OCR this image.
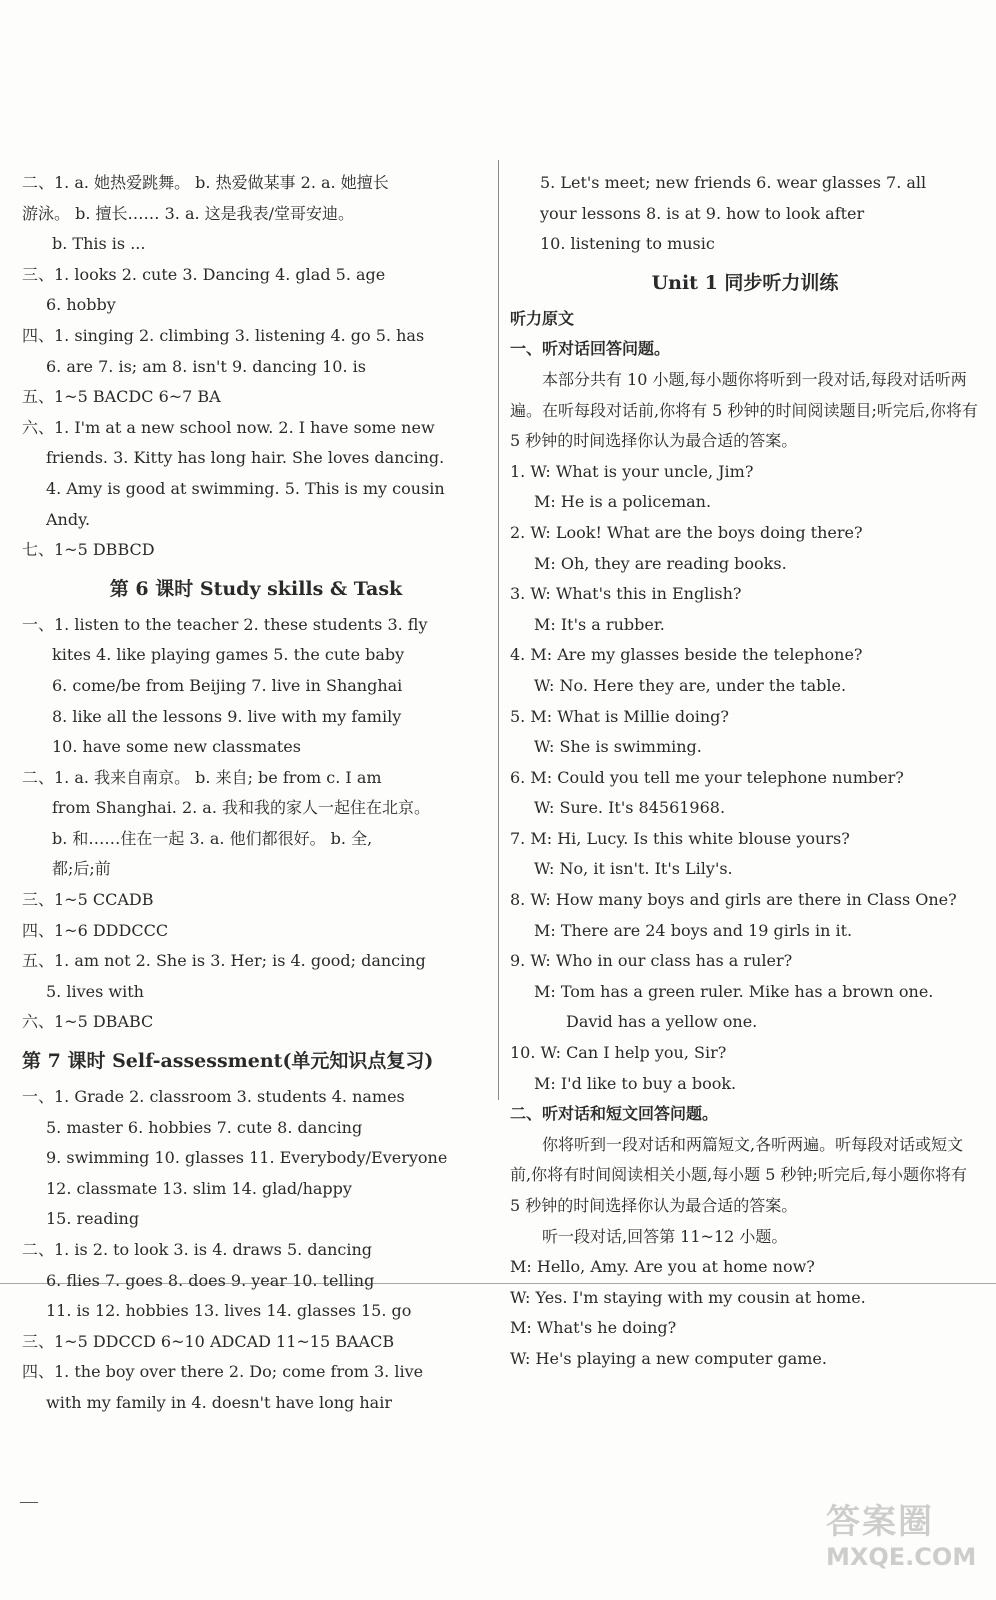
二、1. a. 她热爱跳舞。 b. 热爱做某事 2. a. 她擅长
游泳。 b. 擅长…… 3. a. 这是我表/堂哥安迪。
b. This is ...
三、1. looks 2. cute 3. Dancing 4. glad 5. age
6. hobby
四、1. singing 2. climbing 3. listening 4. go 5. has
6. are 7. is; am 8. isn't 9. dancing 10. is
五、1~5 BACDC 6~7 BA
六、1. I'm at a new school now. 2. I have some new
friends. 3. Kitty has long hair. She loves dancing.
4. Amy is good at swimming. 5. This is my cousin
Andy.
七、1~5 DBBCD
第 6 课时 Study skills & Task
一、1. listen to the teacher 2. these students 3. fly
kites 4. like playing games 5. the cute baby
6. come/be from Beijing 7. live in Shanghai
8. like all the lessons 9. live with my family
10. have some new classmates
二、1. a. 我来自南京。 b. 来自; be from c. I am
from Shanghai. 2. a. 我和我的家人一起住在北京。
b. 和……住在一起 3. a. 他们都很好。 b. 全,
都;后;前
三、1~5 CCADB
四、1~6 DDDCCC
五、1. am not 2. She is 3. Her; is 4. good; dancing
5. lives with
六、1~5 DBABC
第 7 课时 Self-assessment(单元知识点复习)
一、1. Grade 2. classroom 3. students 4. names
5. master 6. hobbies 7. cute 8. dancing
9. swimming 10. glasses 11. Everybody/Everyone
12. classmate 13. slim 14. glad/happy
15. reading
二、1. is 2. to look 3. is 4. draws 5. dancing
6. flies 7. goes 8. does 9. year 10. telling
11. is 12. hobbies 13. lives 14. glasses 15. go
三、1~5 DDCCD 6~10 ADCAD 11~15 BAACB
四、1. the boy over there 2. Do; come from 3. live
with my family in 4. doesn't have long hair
5. Let's meet; new friends 6. wear glasses 7. all
your lessons 8. is at 9. how to look after
10. listening to music
Unit 1 同步听力训练
听力原文
一、听对话回答问题。
本部分共有 10 小题,每小题你将听到一段对话,每段对话听两遍。在听每段对话前,你将有 5 秒钟的时间阅读题目;听完后,你将有 5 秒钟的时间选择你认为最合适的答案。
1. W: What is your uncle, Jim?
M: He is a policeman.
2. W: Look! What are the boys doing there?
M: Oh, they are reading books.
3. W: What's this in English?
M: It's a rubber.
4. M: Are my glasses beside the telephone?
W: No. Here they are, under the table.
5. M: What is Millie doing?
W: She is swimming.
6. M: Could you tell me your telephone number?
W: Sure. It's 84561968.
7. M: Hi, Lucy. Is this white blouse yours?
W: No, it isn't. It's Lily's.
8. W: How many boys and girls are there in Class One?
M: There are 24 boys and 19 girls in it.
9. W: Who in our class has a ruler?
M: Tom has a green ruler. Mike has a brown one.
David has a yellow one.
10. W: Can I help you, Sir?
M: I'd like to buy a book.
二、听对话和短文回答问题。
你将听到一段对话和两篇短文,各听两遍。听每段对话或短文前,你将有时间阅读相关小题,每小题 5 秒钟;听完后,每小题你将有 5 秒钟的时间选择你认为最合适的答案。
听一段对话,回答第 11~12 小题。
M: Hello, Amy. Are you at home now?
W: Yes. I'm staying with my cousin at home.
M: What's he doing?
W: He's playing a new computer game.
答案圈
MXQE.COM
